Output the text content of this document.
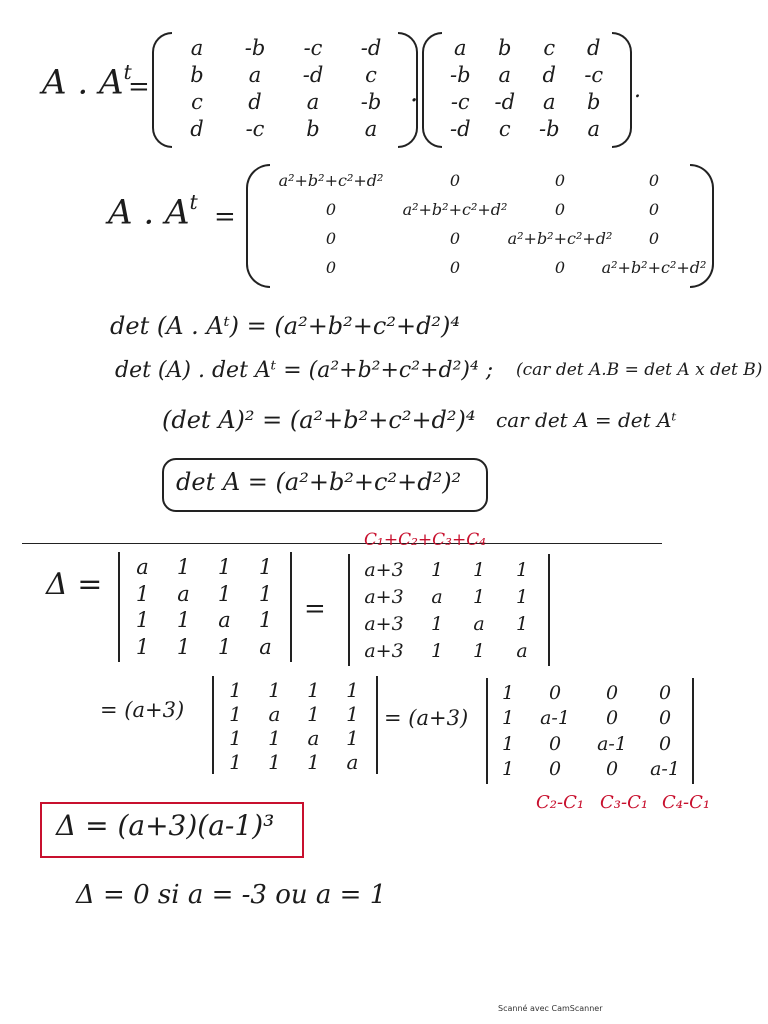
A . $A^t$
=
a	-b	-c	-d
b	a	-d	c
c	d	a	-b
d	-c	b	a
.
a	b	c	d
-b	a	d	-c
-c	-d	a	b
-d	c	-b	a
.
A . $A^t$ =
a²+b²+c²+d²	0	0	0
0	a²+b²+c²+d²	0	0
0	0	a²+b²+c²+d²	0
0	0	0	a²+b²+c²+d²
det (A . Aᵗ) = (a²+b²+c²+d²)⁴
det (A) . det Aᵗ = (a²+b²+c²+d²)⁴ ; (car det A.B = det A x det B)
(det A)² = (a²+b²+c²+d²)⁴ car det A = det Aᵗ
det A = (a²+b²+c²+d²)²
Δ =	a	1	1	1
1	a	1	1
1	1	a	1
1	1	1	a
=
C₁+C₂+C₃+C₄
a+3	1	1	1
a+3	a	1	1
a+3	1	a	1
a+3	1	1	a
= (a+3)
1	1	1	1
1	a	1	1
1	1	a	1
1	1	1	a
= (a+3)
1	0	0	0
1	a-1	0	0
1	0	a-1	0
1	0	0	a-1
C₂-C₁ C₃-C₁ C₄-C₁
Δ = (a+3)(a-1)³
Δ = 0 si a = -3 ou a = 1
Scanné avec CamScanner
